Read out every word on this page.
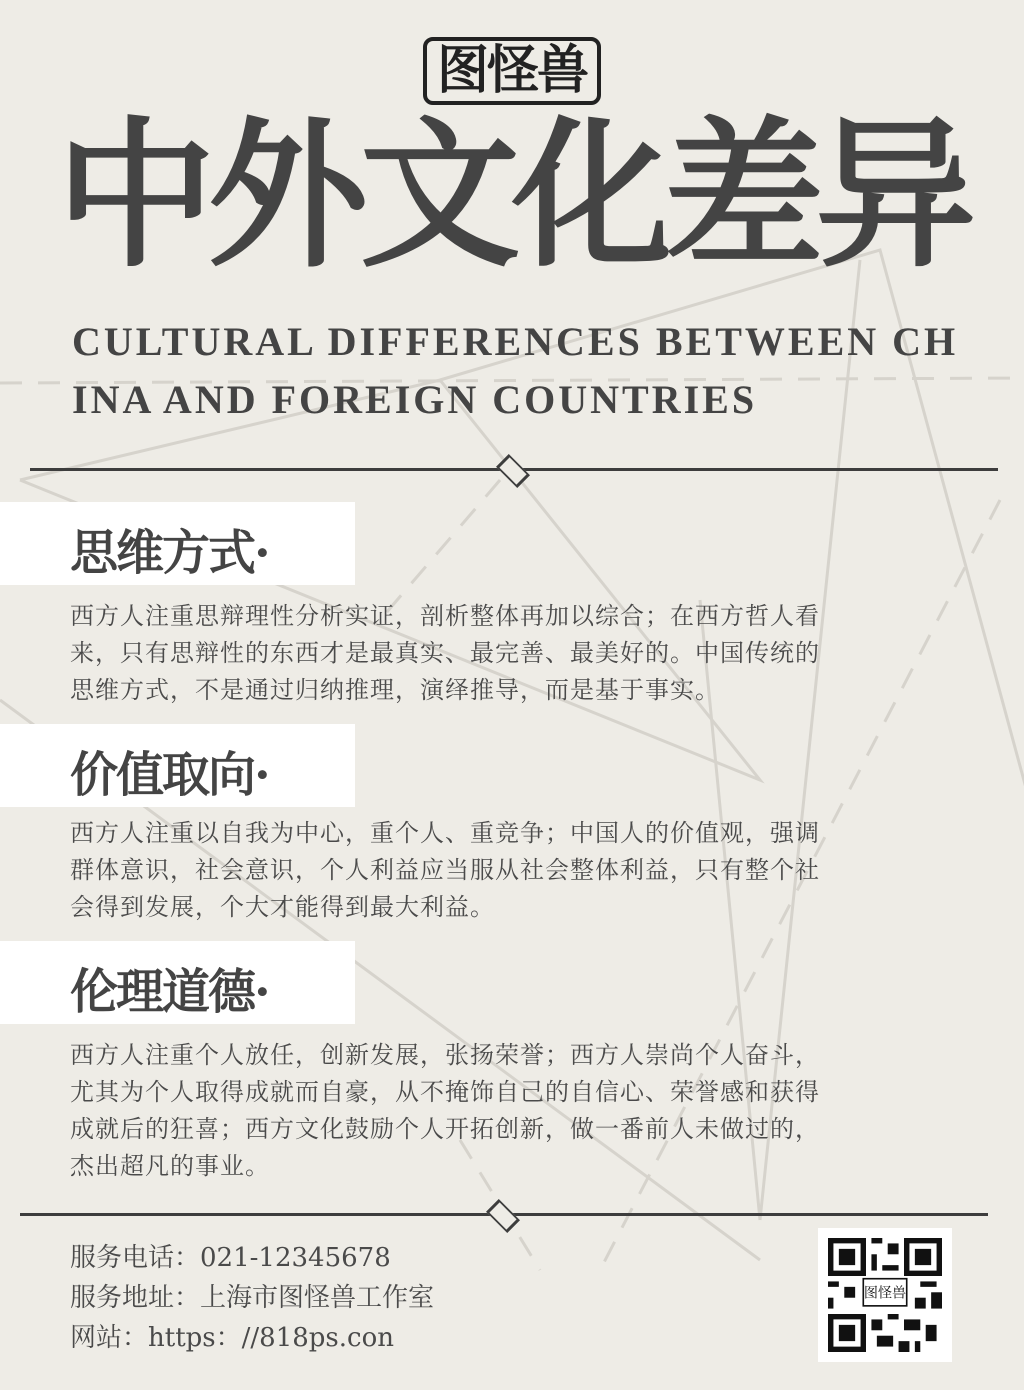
图怪兽
中外文化差异
CULTURAL DIFFERENCES BETWEEN CH
INA AND FOREIGN COUNTRIES
思维方式·

西方人注重思辩理性分析实证，剖析整体再加以综合；在西方哲人看

来，只有思辩性的东西才是最真实、最完善、最美好的。中国传统的

思维方式，不是通过归纳推理，演绎推导，而是基于事实。

价值取向·

西方人注重以自我为中心，重个人、重竞争；中国人的价值观，强调

群体意识，社会意识，个人利益应当服从社会整体利益，只有整个社

会得到发展，个大才能得到最大利益。

伦理道德·

西方人注重个人放任，创新发展，张扬荣誉；西方人崇尚个人奋斗，

尤其为个人取得成就而自豪，从不掩饰自己的自信心、荣誉感和获得

成就后的狂喜；西方文化鼓励个人开拓创新，做一番前人未做过的，

杰出超凡的事业。

服务电话：021-12345678
服务地址：上海市图怪兽工作室
网站：https：//818ps.con
图怪兽
